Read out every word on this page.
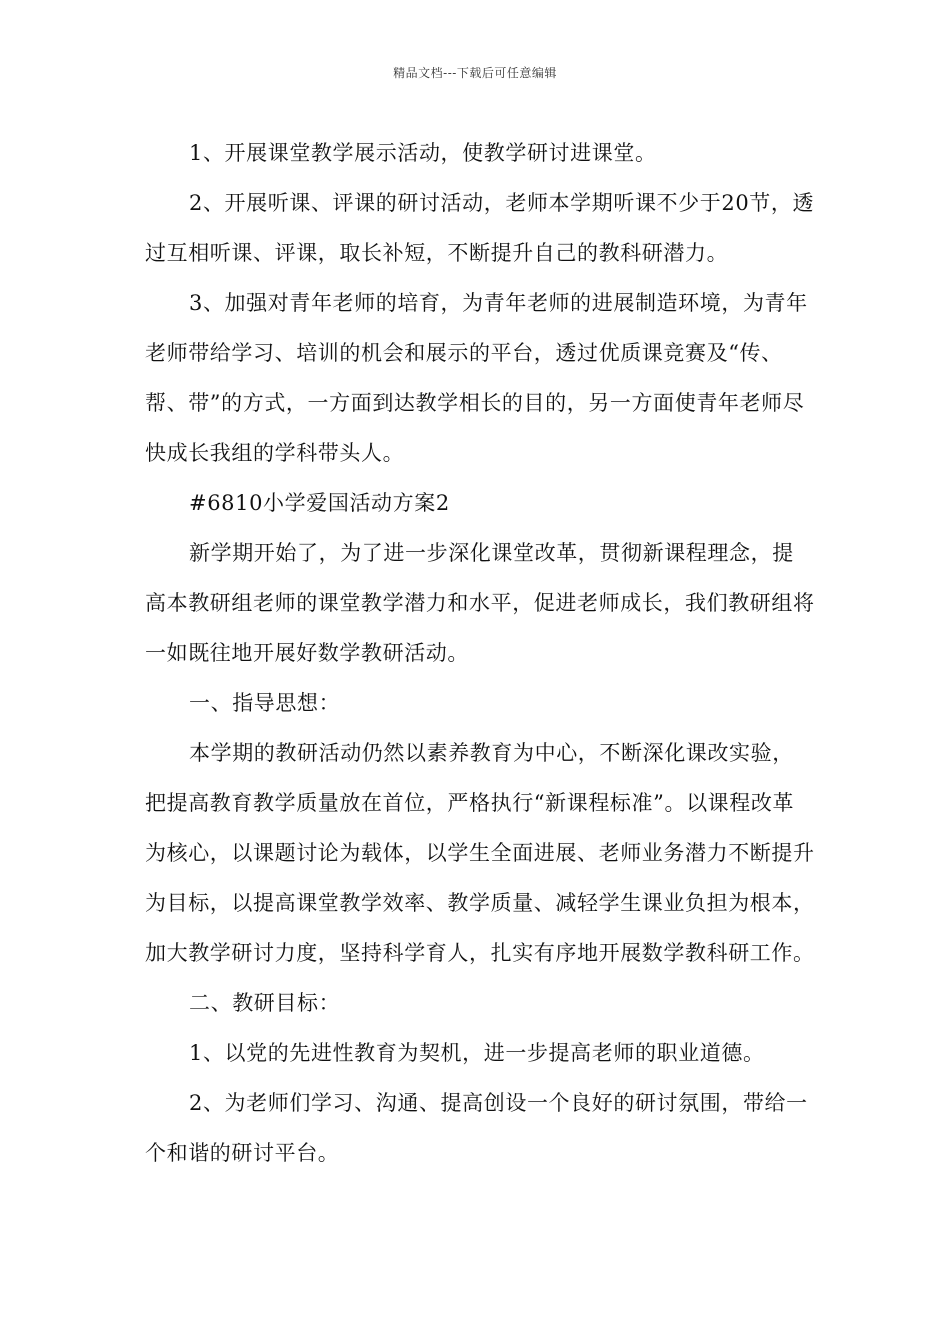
精品文档---下载后可任意编辑

1、开展课堂教学展示活动，使教学研讨进课堂。

2、开展听课、评课的研讨活动，老师本学期听课不少于20节，透过互相听课、评课，取长补短，不断提升自己的教科研潜力。

3、加强对青年老师的培育，为青年老师的进展制造环境，为青年老师带给学习、培训的机会和展示的平台，透过优质课竞赛及“传、帮、带”的方式，一方面到达教学相长的目的，另一方面使青年老师尽快成长我组的学科带头人。

#6810小学爱国活动方案2

新学期开始了，为了进一步深化课堂改革，贯彻新课程理念，提高本教研组老师的课堂教学潜力和水平，促进老师成长，我们教研组将一如既往地开展好数学教研活动。

一、指导思想：

本学期的教研活动仍然以素养教育为中心，不断深化课改实验，把提高教育教学质量放在首位，严格执行“新课程标准”。以课程改革为核心，以课题讨论为载体，以学生全面进展、老师业务潜力不断提升为目标，以提高课堂教学效率、教学质量、减轻学生课业负担为根本，加大教学研讨力度，坚持科学育人，扎实有序地开展数学教科研工作。

二、教研目标：

1、以党的先进性教育为契机，进一步提高老师的职业道德。

2、为老师们学习、沟通、提高创设一个良好的研讨氛围，带给一个和谐的研讨平台。
